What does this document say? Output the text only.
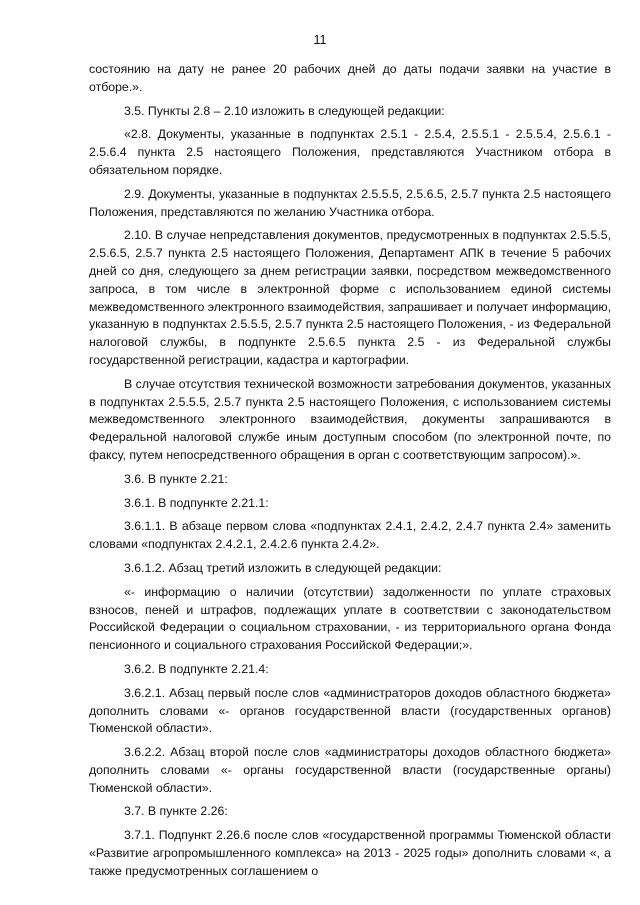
11

состоянию на дату не ранее 20 рабочих дней до даты подачи заявки на участие в отборе.».

3.5. Пункты 2.8 – 2.10 изложить в следующей редакции:

«2.8. Документы, указанные в подпунктах 2.5.1 - 2.5.4, 2.5.5.1 - 2.5.5.4, 2.5.6.1 - 2.5.6.4 пункта 2.5 настоящего Положения, представляются Участником отбора в обязательном порядке.

2.9. Документы, указанные в подпунктах 2.5.5.5, 2.5.6.5, 2.5.7 пункта 2.5 настоящего Положения, представляются по желанию Участника отбора.

2.10. В случае непредставления документов, предусмотренных в подпунктах 2.5.5.5, 2.5.6.5, 2.5.7 пункта 2.5 настоящего Положения, Департамент АПК в течение 5 рабочих дней со дня, следующего за днем регистрации заявки, посредством межведомственного запроса, в том числе в электронной форме с использованием единой системы межведомственного электронного взаимодействия, запрашивает и получает информацию, указанную в подпунктах 2.5.5.5, 2.5.7 пункта 2.5 настоящего Положения, - из Федеральной налоговой службы, в подпункте 2.5.6.5 пункта 2.5 - из Федеральной службы государственной регистрации, кадастра и картографии.

В случае отсутствия технической возможности затребования документов, указанных в подпунктах 2.5.5.5, 2.5.7 пункта 2.5 настоящего Положения, с использованием системы межведомственного электронного взаимодействия, документы запрашиваются в Федеральной налоговой службе иным доступным способом (по электронной почте, по факсу, путем непосредственного обращения в орган с соответствующим запросом).».

3.6. В пункте 2.21:

3.6.1. В подпункте 2.21.1:

3.6.1.1. В абзаце первом слова «подпунктах 2.4.1, 2.4.2, 2.4.7 пункта 2.4» заменить словами «подпунктах 2.4.2.1, 2.4.2.6 пункта 2.4.2».

3.6.1.2. Абзац третий изложить в следующей редакции:

«- информацию о наличии (отсутствии) задолженности по уплате страховых взносов, пеней и штрафов, подлежащих уплате в соответствии с законодательством Российской Федерации о социальном страховании, - из территориального органа Фонда пенсионного и социального страхования Российской Федерации;».

3.6.2. В подпункте 2.21.4:

3.6.2.1. Абзац первый после слов «администраторов доходов областного бюджета» дополнить словами «- органов государственной власти (государственных органов) Тюменской области».

3.6.2.2. Абзац второй после слов «администраторы доходов областного бюджета» дополнить словами «- органы государственной власти (государственные органы) Тюменской области».

3.7. В пункте 2.26:

3.7.1. Подпункт 2.26.6 после слов «государственной программы Тюменской области «Развитие агропромышленного комплекса» на 2013 - 2025 годы» дополнить словами «, а также предусмотренных соглашением о
